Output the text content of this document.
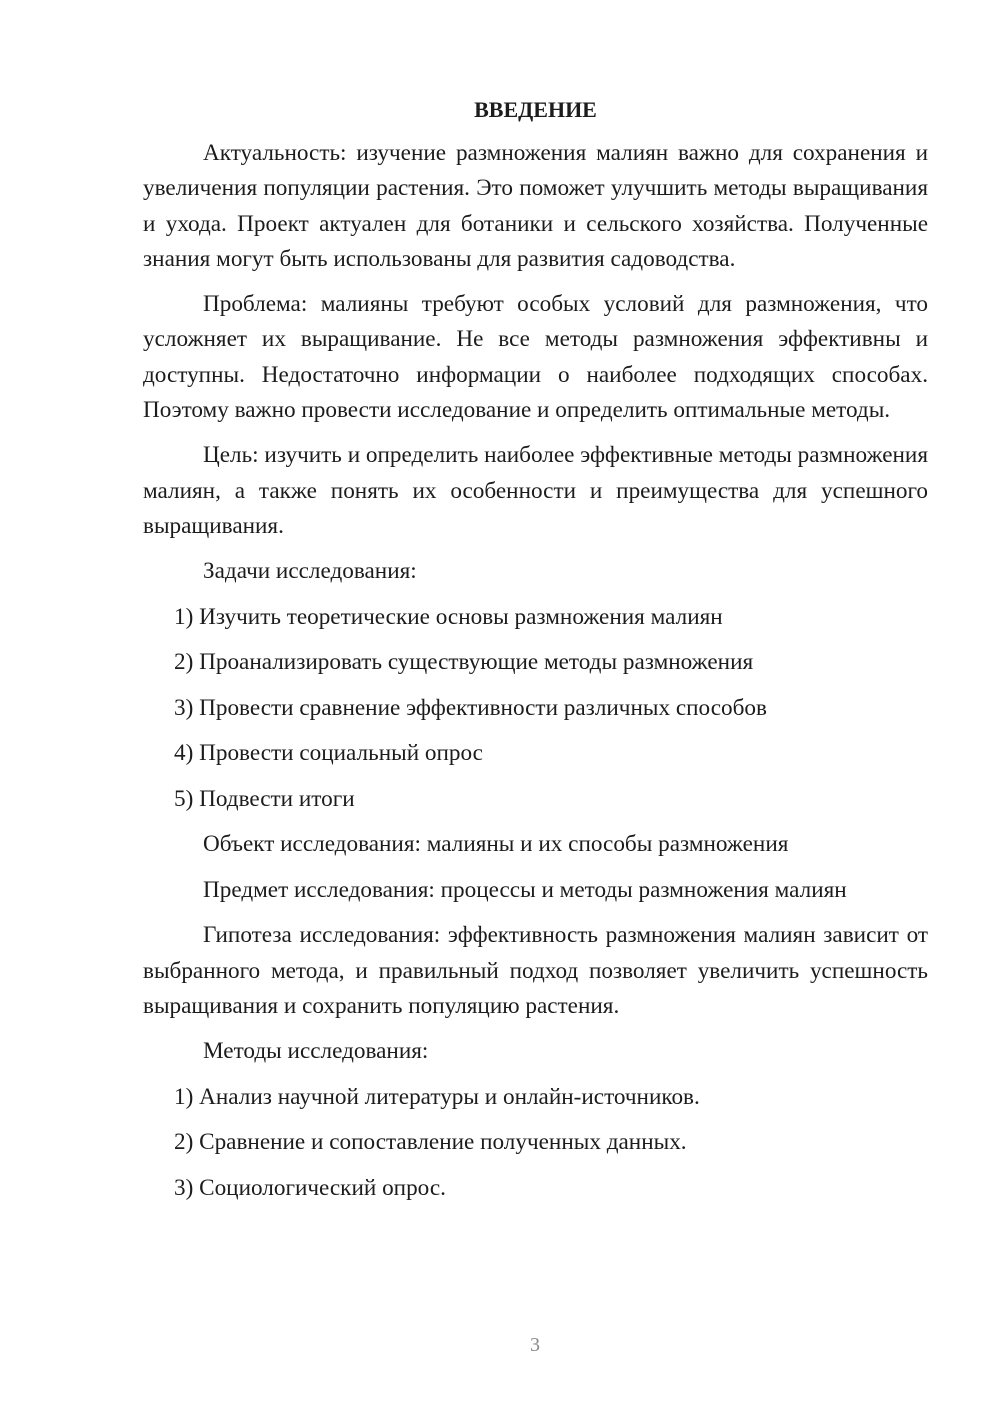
ВВЕДЕНИЕ

Актуальность: изучение размножения малиян важно для сохранения и увеличения популяции растения. Это поможет улучшить методы выращивания и ухода. Проект актуален для ботаники и сельского хозяйства. Полученные знания могут быть использованы для развития садоводства.

Проблема: малияны требуют особых условий для размножения, что усложняет их выращивание. Не все методы размножения эффективны и доступны. Недостаточно информации о наиболее подходящих способах. Поэтому важно провести исследование и определить оптимальные методы.

Цель: изучить и определить наиболее эффективные методы размножения малиян, а также понять их особенности и преимущества для успешного выращивания.

Задачи исследования:

1) Изучить теоретические основы размножения малиян

2) Проанализировать существующие методы размножения

3) Провести сравнение эффективности различных способов

4) Провести социальный опрос

5) Подвести итоги

Объект исследования: малияны и их способы размножения

Предмет исследования: процессы и методы размножения малиян

Гипотеза исследования: эффективность размножения малиян зависит от выбранного метода, и правильный подход позволяет увеличить успешность выращивания и сохранить популяцию растения.

Методы исследования:

1) Анализ научной литературы и онлайн-источников.

2) Сравнение и сопоставление полученных данных.

3) Социологический опрос.

3
